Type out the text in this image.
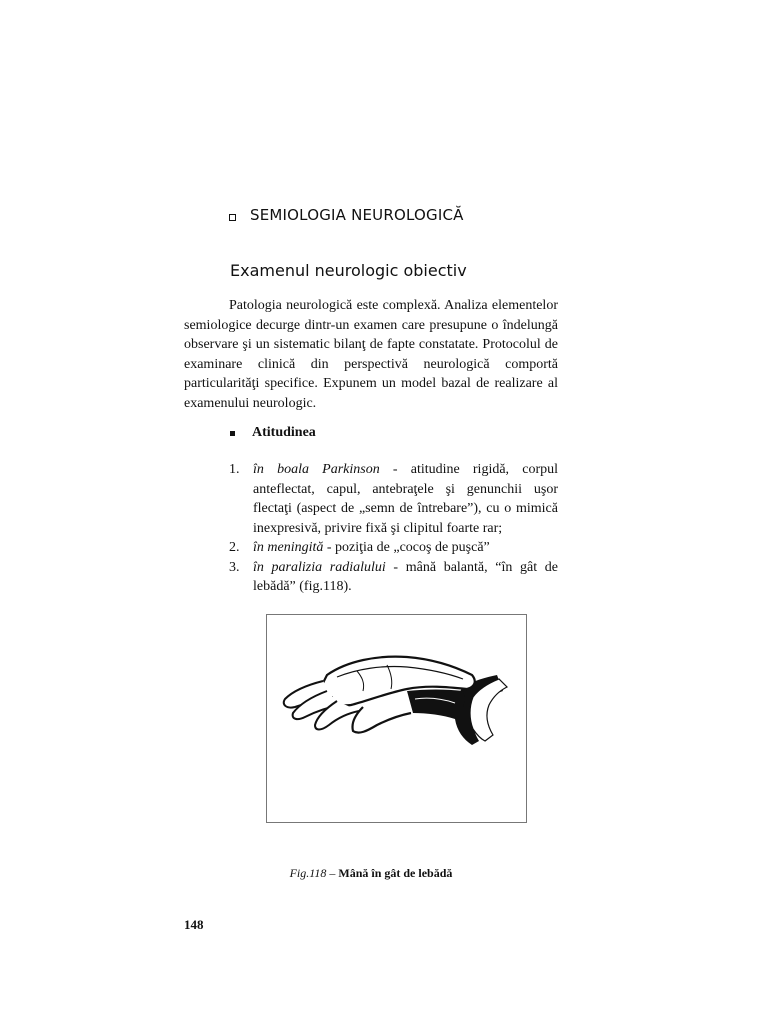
SEMIOLOGIA NEUROLOGICĂ
Examenul neurologic obiectiv

Patologia neurologică este complexă. Analiza elementelor semiologice decurge dintr-un examen care presupune o îndelungă observare şi un sistematic bilanţ de fapte constatate. Protocolul de examinare clinică din perspectivă neurologică comportă particularităţi specifice. Expunem un model bazal de realizare al examenului neurologic.

Atitudinea
1. în boala Parkinson - atitudine rigidă, corpul anteflectat, capul, antebraţele şi genunchii uşor flectaţi (aspect de „semn de întrebare”), cu o mimică inexpresivă, privire fixă şi clipitul foarte rar;
2. în meningită - poziţia de „cocoş de puşcă”
3. în paralizia radialului - mână balantă, “în gât de lebădă” (fig.118).
Fig.118 – Mână în gât de lebădă
148
